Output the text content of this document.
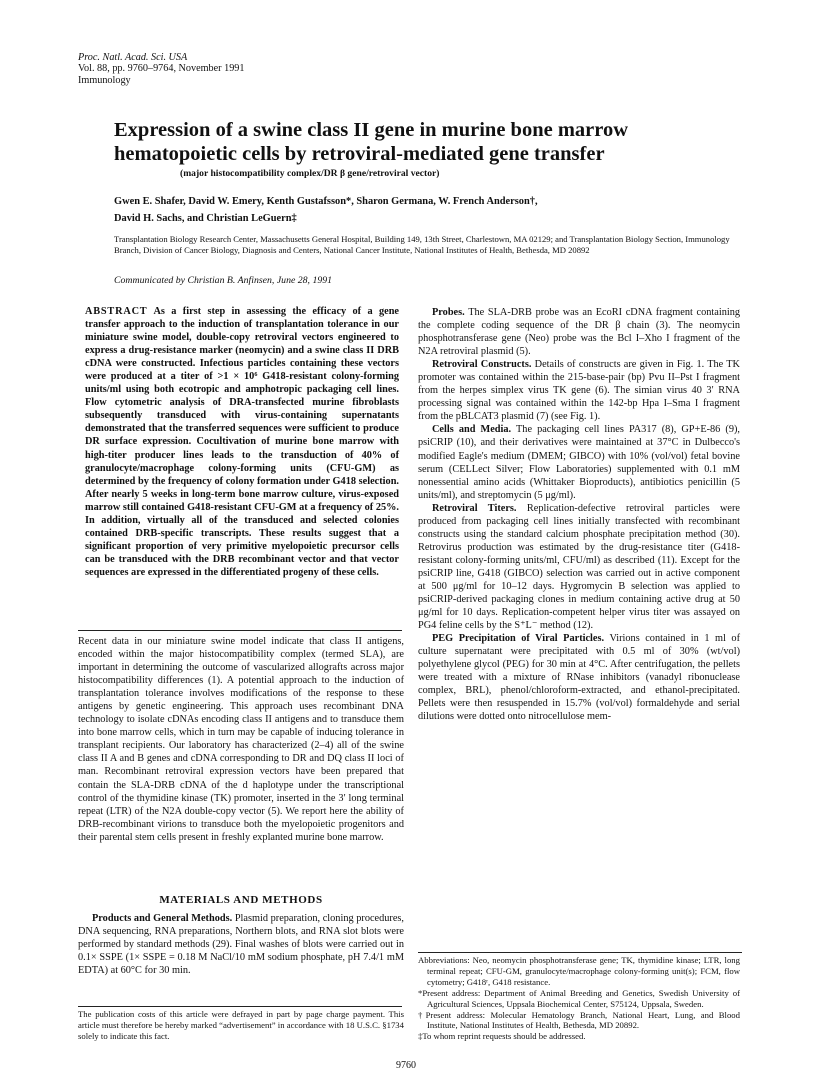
Proc. Natl. Acad. Sci. USA
Vol. 88, pp. 9760–9764, November 1991
Immunology
Expression of a swine class II gene in murine bone marrow hematopoietic cells by retroviral-mediated gene transfer
(major histocompatibility complex/DR β gene/retroviral vector)
Gwen E. Shafer, David W. Emery, Kenth Gustafsson*, Sharon Germana, W. French Anderson†,
David H. Sachs, and Christian LeGuern‡
Transplantation Biology Research Center, Massachusetts General Hospital, Building 149, 13th Street, Charlestown, MA 02129; and Transplantation Biology Section, Immunology Branch, Division of Cancer Biology, Diagnosis and Centers, National Cancer Institute, National Institutes of Health, Bethesda, MD 20892
Communicated by Christian B. Anfinsen, June 28, 1991
ABSTRACT As a first step in assessing the efficacy of a gene transfer approach to the induction of transplantation tolerance in our miniature swine model, double-copy retroviral vectors engineered to express a drug-resistance marker (neomycin) and a swine class II DRB cDNA were constructed. Infectious particles containing these vectors were produced at a titer of >1 × 10⁶ G418-resistant colony-forming units/ml using both ecotropic and amphotropic packaging cell lines. Flow cytometric analysis of DRA-transfected murine fibroblasts subsequently transduced with virus-containing supernatants demonstrated that the transferred sequences were sufficient to produce DR surface expression. Cocultivation of murine bone marrow with high-titer producer lines leads to the transduction of 40% of granulocyte/macrophage colony-forming units (CFU-GM) as determined by the frequency of colony formation under G418 selection. After nearly 5 weeks in long-term bone marrow culture, virus-exposed marrow still contained G418-resistant CFU-GM at a frequency of 25%. In addition, virtually all of the transduced and selected colonies contained DRB-specific transcripts. These results suggest that a significant proportion of very primitive myelopoietic precursor cells can be transduced with the DRB recombinant vector and that vector sequences are expressed in the differentiated progeny of these cells.

Recent data in our miniature swine model indicate that class II antigens, encoded within the major histocompatibility complex (termed SLA), are important in determining the outcome of vascularized allografts across major histocompatibility differences (1). A potential approach to the induction of transplantation tolerance involves modifications of the response to these antigens by genetic engineering. This approach uses recombinant DNA technology to isolate cDNAs encoding class II antigens and to transduce them into bone marrow cells, which in turn may be capable of inducing tolerance in transplant recipients. Our laboratory has characterized (2–4) all of the swine class II A and B genes and cDNA corresponding to DR and DQ class II loci of man. Recombinant retroviral expression vectors have been prepared that contain the SLA-DRB cDNA of the d haplotype under the transcriptional control of the thymidine kinase (TK) promoter, inserted in the 3′ long terminal repeat (LTR) of the N2A double-copy vector (5). We report here the ability of DRB-recombinant virions to transduce both the myelopoietic progenitors and their parental stem cells present in freshly explanted murine bone marrow.

MATERIALS AND METHODS

Products and General Methods. Plasmid preparation, cloning procedures, DNA sequencing, RNA preparations, Northern blots, and RNA slot blots were performed by standard methods (29). Final washes of blots were carried out in 0.1× SSPE (1× SSPE = 0.18 M NaCl/10 mM sodium phosphate, pH 7.4/1 mM EDTA) at 60°C for 30 min.

Probes. The SLA-DRB probe was an EcoRI cDNA fragment containing the complete coding sequence of the DR β chain (3). The neomycin phosphotransferase gene (Neo) probe was the Bcl I–Xho I fragment of the N2A retroviral plasmid (5).

Retroviral Constructs. Details of constructs are given in Fig. 1. The TK promoter was contained within the 215-base-pair (bp) Pvu II–Pst I fragment from the herpes simplex virus TK gene (6). The simian virus 40 3′ RNA processing signal was contained within the 142-bp Hpa I–Sma I fragment from the pBLCAT3 plasmid (7) (see Fig. 1).

Cells and Media. The packaging cell lines PA317 (8), GP+E-86 (9), psiCRIP (10), and their derivatives were maintained at 37°C in Dulbecco's modified Eagle's medium (DMEM; GIBCO) with 10% (vol/vol) fetal bovine serum (CELLect Silver; Flow Laboratories) supplemented with 0.1 mM nonessential amino acids (Whittaker Bioproducts), antibiotics penicillin (5 units/ml), and streptomycin (5 μg/ml).

Retroviral Titers. Replication-defective retroviral particles were produced from packaging cell lines initially transfected with recombinant constructs using the standard calcium phosphate precipitation method (30). Retrovirus production was estimated by the drug-resistance titer (G418-resistant colony-forming units/ml, CFU/ml) as described (11). Except for the psiCRIP line, G418 (GIBCO) selection was carried out in active component at 500 μg/ml for 10–12 days. Hygromycin B selection was applied to psiCRIP-derived packaging clones in medium containing active drug at 50 μg/ml for 10 days. Replication-competent helper virus titer was assayed on PG4 feline cells by the S⁺L⁻ method (12).

PEG Precipitation of Viral Particles. Virions contained in 1 ml of culture supernatant were precipitated with 0.5 ml of 30% (wt/vol) polyethylene glycol (PEG) for 30 min at 4°C. After centrifugation, the pellets were treated with a mixture of RNase inhibitors (vanadyl ribonuclease complex, BRL), phenol/chloroform-extracted, and ethanol-precipitated. Pellets were then resuspended in 15.7% (vol/vol) formaldehyde and serial dilutions were dotted onto nitrocellulose mem-

Abbreviations: Neo, neomycin phosphotransferase gene; TK, thymidine kinase; LTR, long terminal repeat; CFU-GM, granulocyte/macrophage colony-forming unit(s); FCM, flow cytometry; G418ʳ, G418 resistance.

*Present address: Department of Animal Breeding and Genetics, Swedish University of Agricultural Sciences, Uppsala Biochemical Center, S75124, Uppsala, Sweden.

†Present address: Molecular Hematology Branch, National Heart, Lung, and Blood Institute, National Institutes of Health, Bethesda, MD 20892.

‡To whom reprint requests should be addressed.

The publication costs of this article were defrayed in part by page charge payment. This article must therefore be hereby marked “advertisement” in accordance with 18 U.S.C. §1734 solely to indicate this fact.
9760
